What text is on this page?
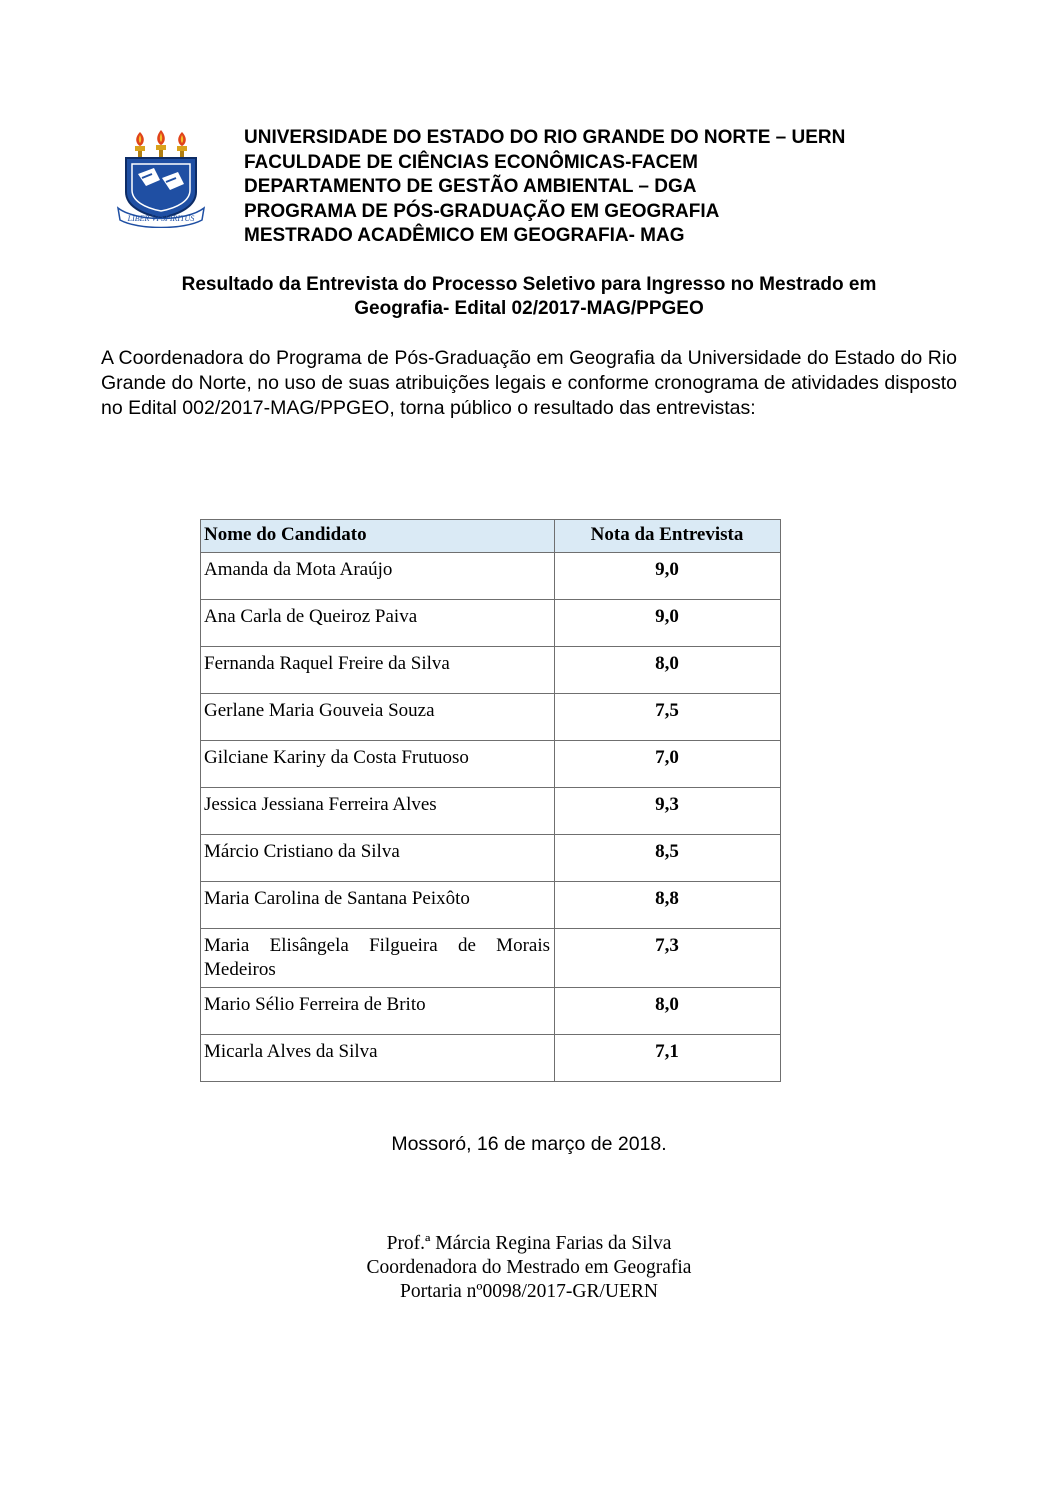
LIBER VI SPIRITUS
UNIVERSIDADE DO ESTADO DO RIO GRANDE DO NORTE – UERN
FACULDADE DE CIÊNCIAS ECONÔMICAS-FACEM
DEPARTAMENTO DE GESTÃO AMBIENTAL – DGA
PROGRAMA DE PÓS-GRADUAÇÃO EM GEOGRAFIA
MESTRADO ACADÊMICO EM GEOGRAFIA- MAG
Resultado da Entrevista do Processo Seletivo para Ingresso no Mestrado em
Geografia- Edital 02/2017-MAG/PPGEO
A Coordenadora do Programa de Pós-Graduação em Geografia da Universidade do Estado do Rio Grande do Norte, no uso de suas atribuições legais e conforme cronograma de atividades disposto no Edital 002/2017-MAG/PPGEO, torna público o resultado das entrevistas:
Nome do Candidato	Nota da Entrevista
Amanda da Mota Araújo	9,0
Ana Carla de Queiroz Paiva	9,0
Fernanda Raquel Freire da Silva	8,0
Gerlane Maria Gouveia Souza	7,5
Gilciane Kariny da Costa Frutuoso	7,0
Jessica Jessiana Ferreira Alves	9,3
Márcio Cristiano da Silva	8,5
Maria Carolina de Santana Peixôto	8,8
Maria Elisângela Filgueira de Morais Medeiros	7,3
Mario Sélio Ferreira de Brito	8,0
Micarla Alves da Silva	7,1
Mossoró, 16 de março de 2018.
Prof.ª Márcia Regina Farias da Silva
Coordenadora do Mestrado em Geografia
Portaria nº0098/2017-GR/UERN
